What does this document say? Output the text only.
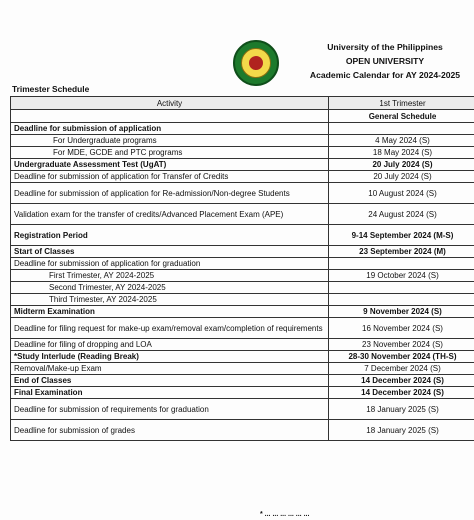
University of the Philippines
OPEN UNIVERSITY
Academic Calendar for AY 2024-2025
Trimester Schedule
Activity	1st Trimester
	General Schedule
Deadline for submission of application	
For Undergraduate programs	4 May 2024 (S)
For MDE, GCDE and PTC programs	18 May 2024 (S)
Undergraduate Assessment Test (UgAT)	20 July 2024 (S)
Deadline for submission of application for Transfer of Credits	20 July 2024 (S)
Deadline for submission of application for Re-admission/Non-degree Students	10 August 2024 (S)
Validation exam for the transfer of credits/Advanced Placement Exam (APE)	24 August 2024 (S)
Registration Period	9-14 September 2024 (M-S)
Start of Classes	23 September 2024 (M)
Deadline for submission of application for graduation	
First Trimester, AY 2024-2025	19 October 2024 (S)
Second Trimester, AY 2024-2025	
Third Trimester, AY 2024-2025	
Midterm Examination	9 November 2024 (S)
Deadline for filing request for make-up exam/removal exam/completion of requirements	16 November 2024 (S)
Deadline for filing of dropping and LOA	23 November 2024 (S)
*Study Interlude (Reading Break)	28-30 November 2024 (TH-S)
Removal/Make-up Exam	7 December 2024 (S)
End of Classes	14 December 2024 (S)
Final Examination	14 December 2024 (S)
Deadline for submission of requirements for graduation	18 January 2025 (S)
Deadline for submission of grades	18 January 2025 (S)
* ... ... ... ... ... ...
